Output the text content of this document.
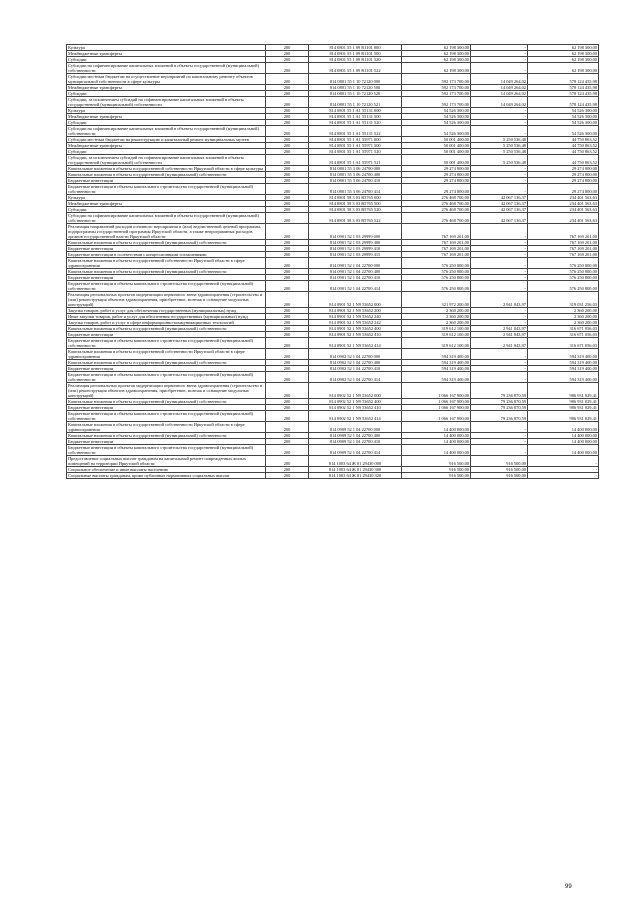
Культура	200	814 0801 55 1 09 R1101 000	62 198 300,00	-	62 198 300,00
Межбюджетные трансферты	200	814 0801 55 1 09 R1101 500	62 198 300,00	-	62 198 300,00
Субсидии	200	814 0801 55 1 09 R1101 520	62 198 300,00	-	62 198 300,00
Субсидии на софинансирование капитальных вложений в объекты государственной (муниципальной) собственности	200	814 0801 55 1 09 R1101 522	62 198 300,00	-	62 198 300,00
Субсидии местным бюджетам на осуществление мероприятий по капитальному ремонту объектов муниципальной собственности в сфере культуры	200	814 0801 55 1 10 72120 000	592 173 700,00	14 049 264,02	578 124 435,98
Межбюджетные трансферты	200	814 0801 55 1 10 72120 500	592 173 700,00	14 049 264,02	578 124 435,98
Субсидии	200	814 0801 55 1 10 72120 520	592 173 700,00	14 049 264,02	578 124 435,98
Субсидии, за исключением субсидий на софинансирование капитальных вложений в объекты государственной (муниципальной) собственности	200	814 0801 55 1 10 72120 521	592 173 700,00	14 049 264,02	578 124 435,98
Культура	200	814 0801 55 1 A1 55131 000	54 526 300,00	-	54 526 300,00
Межбюджетные трансферты	200	814 0801 55 1 A1 55131 500	54 526 300,00	-	54 526 300,00
Субсидии	200	814 0801 55 1 A1 55131 520	54 526 300,00	-	54 526 300,00
Субсидии на софинансирование капитальных вложений в объекты государственной (муниципальной) собственности	200	814 0801 55 1 A1 55131 522	54 526 300,00	-	54 526 300,00
Субсидии местным бюджетам на реконструкцию и капитальный ремонт муниципальных музеев	200	814 0801 55 1 A1 55971 000	50 001 400,00	5 250 536,48	44 750 863,52
Межбюджетные трансферты	200	814 0801 55 1 A1 55971 500	50 001 400,00	5 250 536,48	44 750 863,52
Субсидии	200	814 0801 55 1 A1 55971 520	50 001 400,00	5 250 536,48	44 750 863,52
Субсидии, за исключением субсидий на софинансирование капитальных вложений в объекты государственной (муниципальной) собственности	200	814 0801 55 1 A1 55971 521	50 001 400,00	5 250 536,48	44 750 863,52
Капитальные вложения в объекты государственной собственности Иркутской области в сфере культуры	200	814 0801 55 3 06 24700 000	29 274 800,00	-	29 274 800,00
Капитальные вложения в объекты государственной (муниципальной) собственности	200	814 0801 55 3 06 24700 400	29 274 800,00	-	29 274 800,00
Бюджетные инвестиции	200	814 0801 55 3 06 24700 410	29 274 800,00	-	29 274 800,00
Бюджетные инвестиции в объекты капитального строительства государственной (муниципальной) собственности	200	814 0801 55 3 06 24700 414	29 274 800,00	-	29 274 800,00
Культура	200	814 0801 58 3 03 R5765 000	276 468 700,00	42 067 136,37	234 401 563,63
Межбюджетные трансферты	200	814 0801 58 3 03 R5765 500	276 468 700,00	42 067 136,37	234 401 563,63
Субсидии	200	814 0801 58 3 03 R5765 520	276 468 700,00	42 067 136,37	234 401 563,63
Субсидии на софинансирование капитальных вложений в объекты государственной (муниципальной) собственности	200	814 0801 58 3 03 R5765 522	276 468 700,00	42 067 136,37	234 401 563,63
Реализация направлений расходов основного мероприятия и (или) ведомственной целевой программы, подпрограммы государственной программы Иркутской области, а также непрограммных расходов органов государственной власти Иркутской области	200	814 0901 52 1 03 29999 000	767 169 201,00	-	767 169 201,00
Капитальные вложения в объекты государственной (муниципальной) собственности	200	814 0901 52 1 03 29999 400	767 169 201,00	-	767 169 201,00
Бюджетные инвестиции	200	814 0901 52 1 03 29999 410	767 169 201,00	-	767 169 201,00
Бюджетные инвестиции в соответствии с концессионными соглашениями	200	814 0901 52 1 03 29999 415	767 169 201,00	-	767 169 201,00
Капитальные вложения в объекты государственной собственности Иркутской области в сфере здравоохранения	200	814 0901 52 1 04 22700 000	576 250 800,00	-	576 250 800,00
Капитальные вложения в объекты государственной (муниципальной) собственности	200	814 0901 52 1 04 22700 400	576 250 800,00	-	576 250 800,00
Бюджетные инвестиции	200	814 0901 52 1 04 22700 410	576 250 800,00	-	576 250 800,00
Бюджетные инвестиции в объекты капитального строительства государственной (муниципальной) собственности	200	814 0901 52 1 04 22700 414	576 250 800,00	-	576 250 800,00
Реализация региональных проектов модернизации первичного звена здравоохранения (строительство и (или) реконструкция объектов здравоохранения, приобретение, монтаж и оснащение модульных конструкций)	200	814 0901 52 1 N9 53652 000	321 972 200,00	2 941 043,97	319 031 256,03
Закупка товаров, работ и услуг для обеспечения государственных (муниципальных) нужд	200	814 0901 52 1 N9 53652 200	2 360 200,00	-	2 360 200,00
Иные закупки товаров, работ и услуг для обеспечения государственных (муниципальных) нужд	200	814 0901 52 1 N9 53652 240	2 360 200,00	-	2 360 200,00
Закупка товаров, работ и услуг в сфере информационно-коммуникационных технологий	200	814 0901 52 1 N9 53652 242	2 360 200,00	-	2 360 200,00
Капитальные вложения в объекты государственной (муниципальной) собственности	200	814 0901 52 1 N9 53652 400	319 612 100,00	2 941 043,97	316 671 056,03
Бюджетные инвестиции	200	814 0901 52 1 N9 53652 410	319 612 100,00	2 941 043,97	316 671 056,03
Бюджетные инвестиции в объекты капитального строительства государственной (муниципальной) собственности	200	814 0901 52 1 N9 53652 414	319 612 100,00	2 941 043,97	316 671 056,03
Капитальные вложения в объекты государственной собственности Иркутской области в сфере здравоохранения	200	814 0902 52 1 04 22700 000	594 319 400,00	-	594 319 400,00
Капитальные вложения в объекты государственной (муниципальной) собственности	200	814 0902 52 1 04 22700 400	594 319 400,00	-	594 319 400,00
Бюджетные инвестиции	200	814 0902 52 1 04 22700 410	594 319 400,00	-	594 319 400,00
Бюджетные инвестиции в объекты капитального строительства государственной (муниципальной) собственности	200	814 0902 52 1 04 22700 414	594 319 400,00	-	594 319 400,00
Реализация региональных проектов модернизации первичного звена здравоохранения (строительство и (или) реконструкция объектов здравоохранения, приобретение, монтаж и оснащение модульных конструкций)	200	814 0902 52 1 N9 53652 000	1 066 167 900,00	79 236 870,59	986 931 029,41
Капитальные вложения в объекты государственной (муниципальной) собственности	200	814 0902 52 1 N9 53652 400	1 066 167 900,00	79 236 870,59	986 931 029,41
Бюджетные инвестиции	200	814 0902 52 1 N9 53652 410	1 066 167 900,00	79 236 870,59	986 931 029,41
Бюджетные инвестиции в объекты капитального строительства государственной (муниципальной) собственности	200	814 0902 52 1 N9 53652 414	1 066 167 900,00	79 236 870,59	986 931 029,41
Капитальные вложения в объекты государственной собственности Иркутской области в сфере здравоохранения	200	814 0909 52 1 04 22700 000	14 400 000,00	-	14 400 000,00
Капитальные вложения в объекты государственной (муниципальной) собственности	200	814 0909 52 1 04 22700 400	14 400 000,00	-	14 400 000,00
Бюджетные инвестиции	200	814 0909 52 1 04 22700 410	14 400 000,00	-	14 400 000,00
Бюджетные инвестиции в объекты капитального строительства государственной (муниципальной) собственности	200	814 0909 52 1 04 22700 414	14 400 000,00	-	14 400 000,00
Предоставление социальных выплат гражданам на капитальный ремонт поврежденных жилых помещений на территории Иркутской области	200	814 1003 64 Ж 01 29430 000	916 500,00	916 500,00	-
Социальное обеспечение и иные выплаты населению	200	814 1003 64 Ж 01 29430 300	916 500,00	916 500,00	-
Социальные выплаты гражданам, кроме публичных нормативных социальных выплат	200	814 1003 64 Ж 01 29430 320	916 500,00	916 500,00	-
99
